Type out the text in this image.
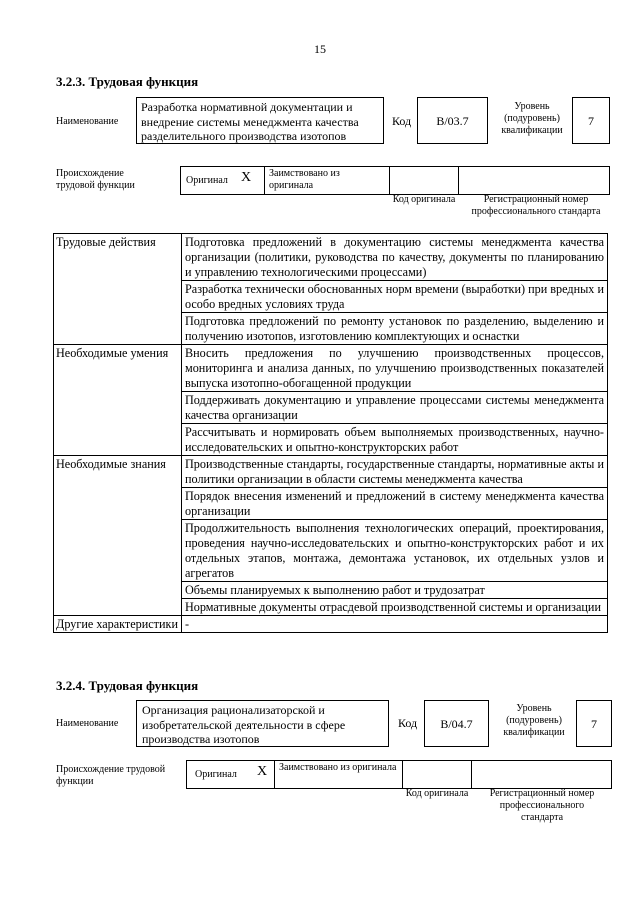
15
3.2.3. Трудовая функция
Наименование
Разработка нормативной документации и внедрение системы менеджмента качества разделительного производства изотопов
Код	B/03.7
Уровень (подуровень) квалификации
7
Происхождение трудовой функции	Оригинал X	Заимствовано из оригинала
Код оригинала	Регистрационный номер профессионального стандарта
Трудовые действия	Подготовка предложений в документацию системы менеджмента качества организации (политики, руководства по качеству, документы по планированию и управлению технологическими процессами)
	Разработка технически обоснованных норм времени (выработки) при вредных и особо вредных условиях труда
	Подготовка предложений по ремонту установок по разделению, выделению и получению изотопов, изготовлению комплектующих и оснастки
Необходимые умения	Вносить предложения по улучшению производственных процессов, мониторинга и анализа данных, по улучшению производственных показателей выпуска изотопно-обогащенной продукции
	Поддерживать документацию и управление процессами системы менеджмента качества организации
	Рассчитывать и нормировать объем выполняемых производственных, научно-исследовательских и опытно-конструкторских работ
Необходимые знания	Производственные стандарты, государственные стандарты, нормативные акты и политики организации в области системы менеджмента качества
	Порядок внесения изменений и предложений в систему менеджмента качества организации
	Продолжительность выполнения технологических операций, проектирования, проведения научно-исследовательских и опытно-конструкторских работ и их отдельных этапов, монтажа, демонтажа установок, их отдельных узлов и агрегатов
	Объемы планируемых к выполнению работ и трудозатрат
	Нормативные документы отрасдевой производственной системы и организации
Другие характеристики	-
3.2.4. Трудовая функция
Наименование
Организация рационализаторской и изобретательской деятельности в сфере производства изотопов
Код	B/04.7
Уровень (подуровень) квалификации
7
Происхождение трудовой функции
Оригинал X	Заимствовано из оригинала
Код оригинала	Регистрационный номер профессионального стандарта
